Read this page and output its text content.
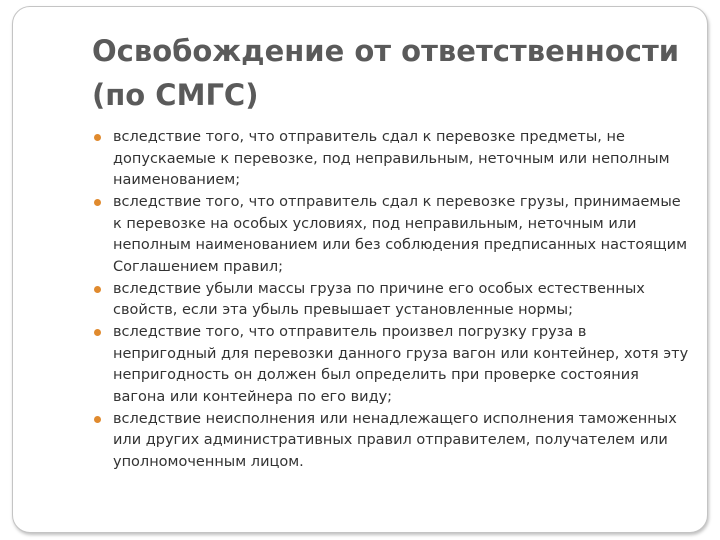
Освобождение от ответственности
(по СМГС)
вследствие того, что отправитель сдал к перевозке предметы, не допускаемые к перевозке, под неправильным, неточным или неполным наименованием;
вследствие того, что отправитель сдал к перевозке грузы, принимаемые к перевозке на особых условиях, под неправильным, неточным или неполным наименованием или без соблюдения предписанных настоящим Соглашением правил;
вследствие убыли массы груза по причине его особых естественных свойств, если эта убыль превышает установленные нормы;
вследствие того, что отправитель произвел погрузку груза в непригодный для перевозки данного груза вагон или контейнер, хотя эту непригодность он должен был определить при проверке состояния вагона или контейнера по его виду;
вследствие неисполнения или ненадлежащего исполнения таможенных или других административных правил отправителем, получателем или уполномоченным лицом.
